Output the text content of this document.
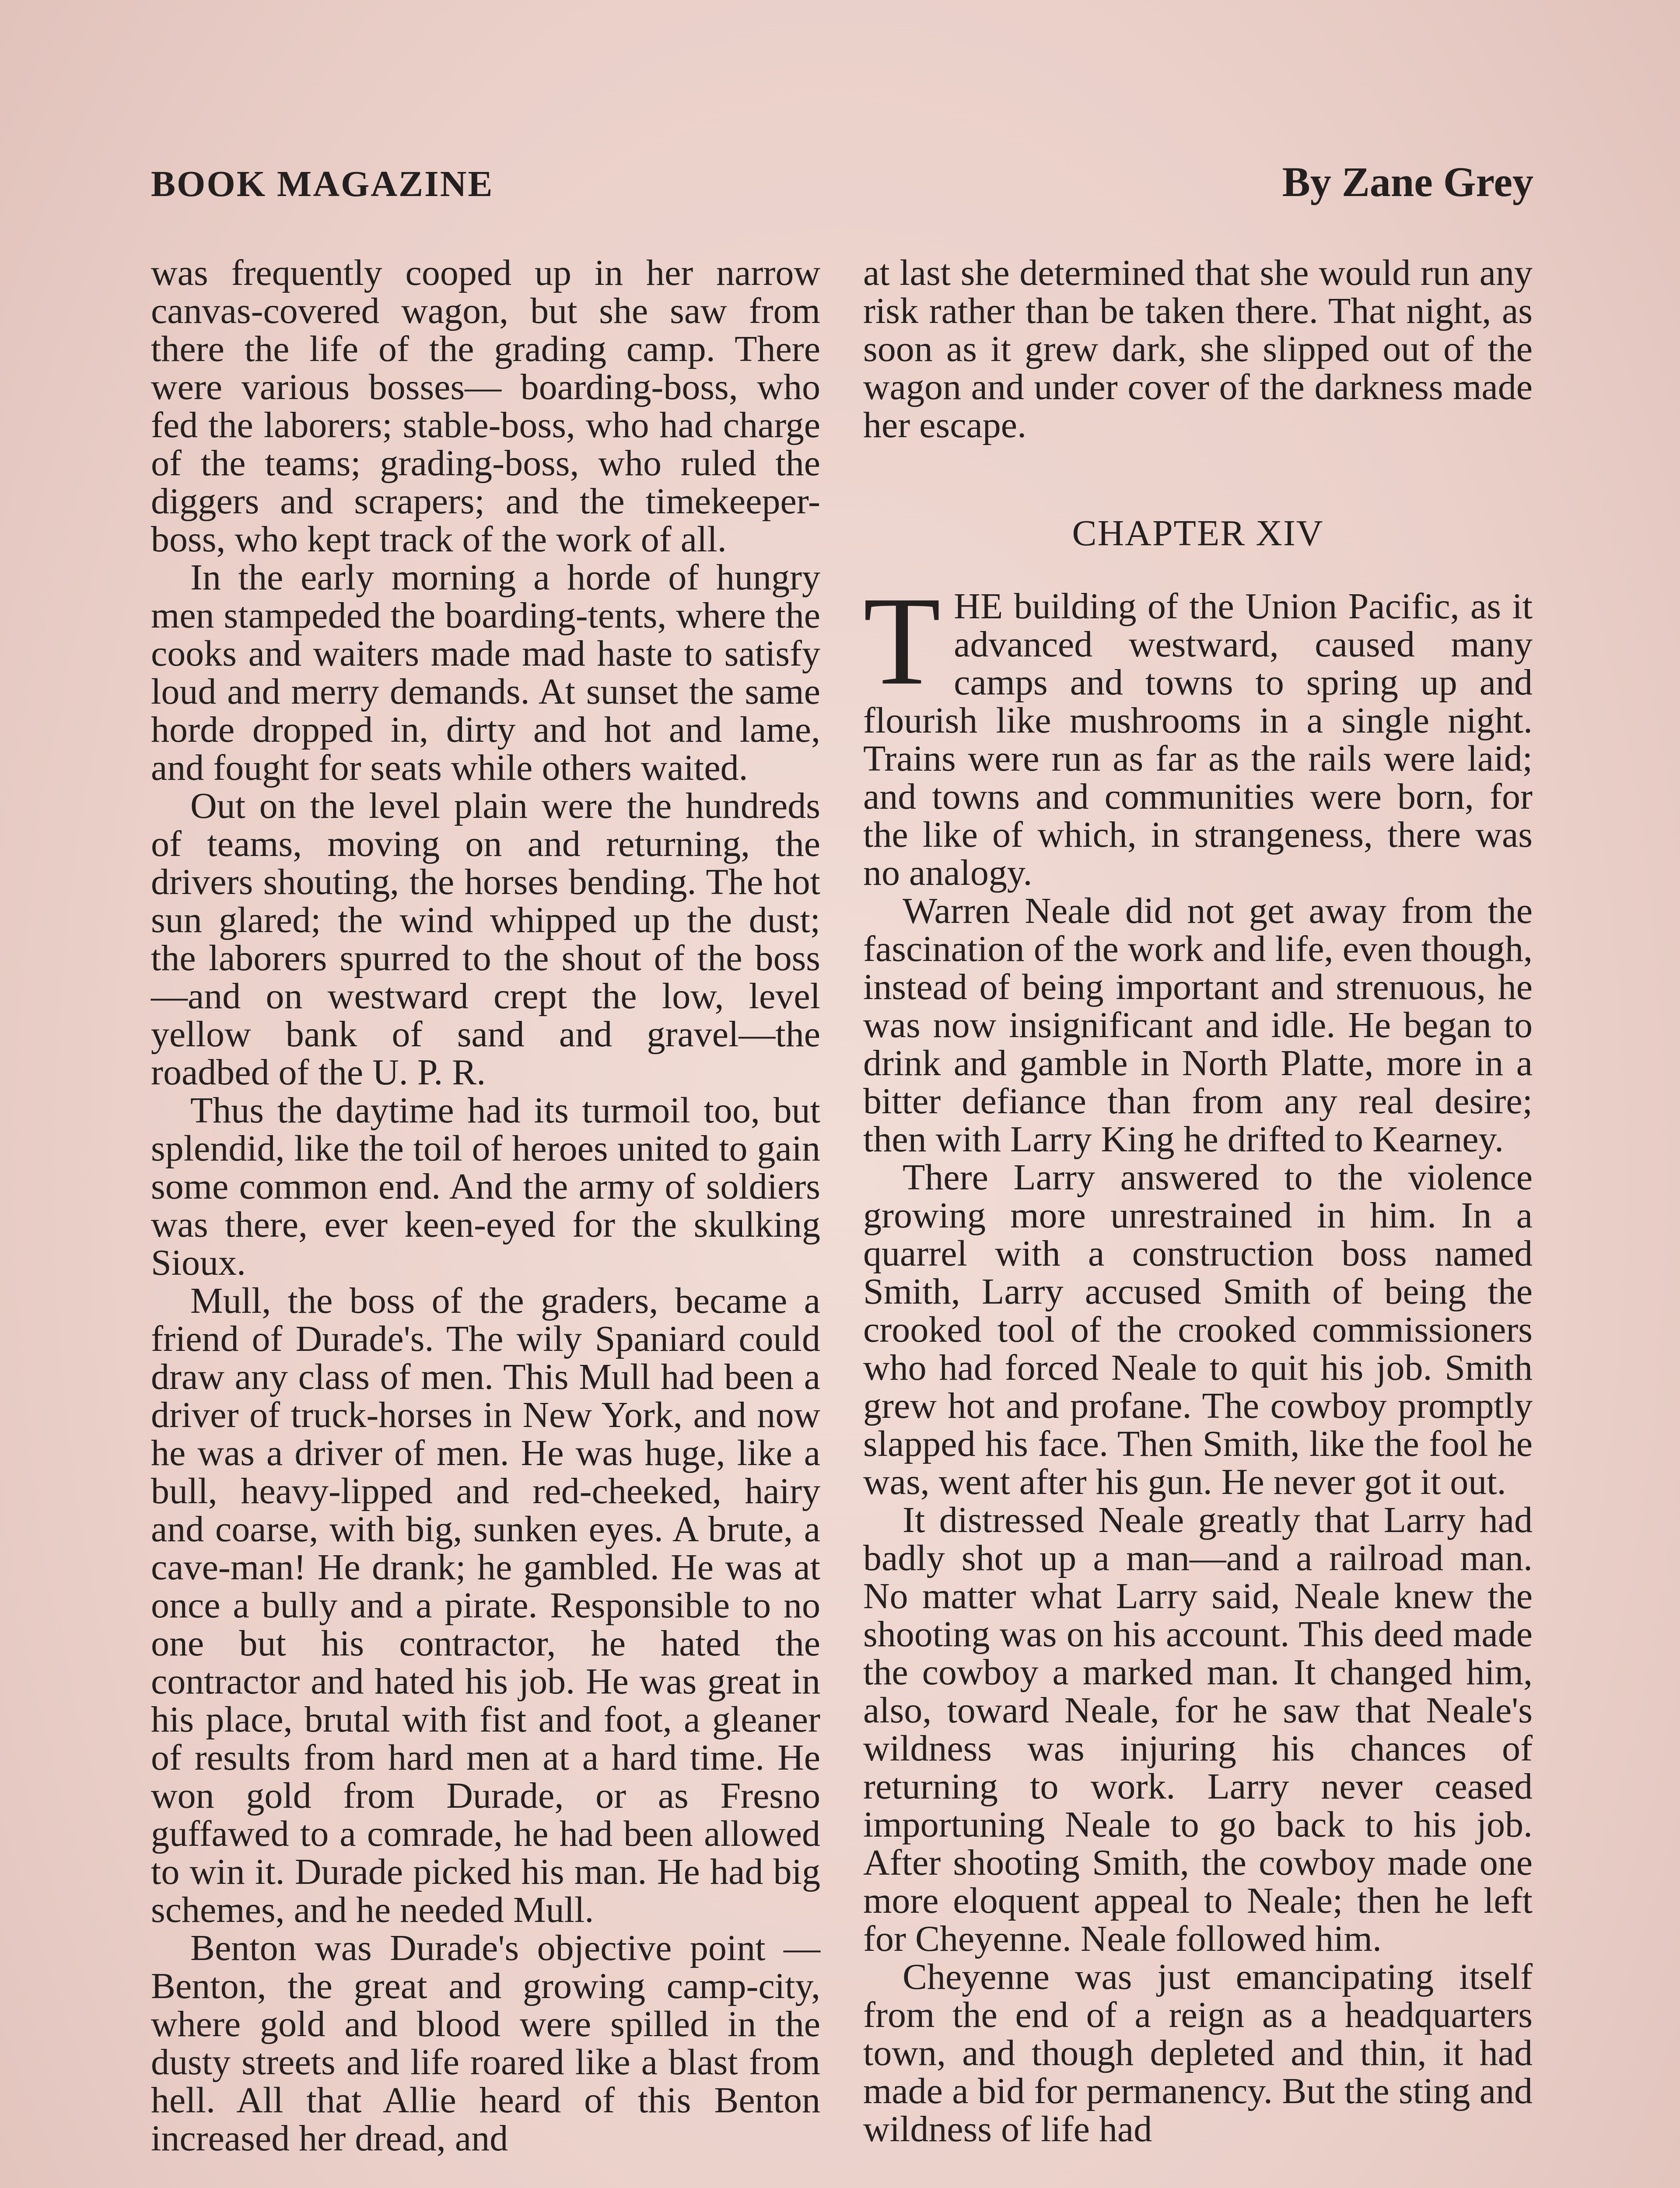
BOOK MAGAZINE	By Zane Grey

was frequently cooped up in her narrow canvas-covered wagon, but she saw from there the life of the grading camp. There were various bosses— boarding-boss, who fed the laborers; stable-boss, who had charge of the teams; grading-boss, who ruled the diggers and scrapers; and the timekeeper-boss, who kept track of the work of all.

In the early morning a horde of hungry men stampeded the boarding-tents, where the cooks and waiters made mad haste to satisfy loud and merry demands. At sunset the same horde dropped in, dirty and hot and lame, and fought for seats while others waited.

Out on the level plain were the hundreds of teams, moving on and returning, the drivers shouting, the horses bending. The hot sun glared; the wind whipped up the dust; the laborers spurred to the shout of the boss—and on westward crept the low, level yellow bank of sand and gravel—the roadbed of the U. P. R.

Thus the daytime had its turmoil too, but splendid, like the toil of heroes united to gain some common end. And the army of soldiers was there, ever keen-eyed for the skulking Sioux.

Mull, the boss of the graders, became a friend of Durade's. The wily Spaniard could draw any class of men. This Mull had been a driver of truck-horses in New York, and now he was a driver of men. He was huge, like a bull, heavy-lipped and red-cheeked, hairy and coarse, with big, sunken eyes. A brute, a cave-man! He drank; he gambled. He was at once a bully and a pirate. Responsible to no one but his contractor, he hated the contractor and hated his job. He was great in his place, brutal with fist and foot, a gleaner of results from hard men at a hard time. He won gold from Durade, or as Fresno guffawed to a comrade, he had been allowed to win it. Durade picked his man. He had big schemes, and he needed Mull.

Benton was Durade's objective point —Benton, the great and growing camp-city, where gold and blood were spilled in the dusty streets and life roared like a blast from hell. All that Allie heard of this Benton increased her dread, and

at last she determined that she would run any risk rather than be taken there. That night, as soon as it grew dark, she slipped out of the wagon and under cover of the darkness made her escape.

CHAPTER XIV

THE building of the Union Pacific, as it advanced westward, caused many camps and towns to spring up and flourish like mushrooms in a single night. Trains were run as far as the rails were laid; and towns and communities were born, for the like of which, in strangeness, there was no analogy.

Warren Neale did not get away from the fascination of the work and life, even though, instead of being important and strenuous, he was now insignificant and idle. He began to drink and gamble in North Platte, more in a bitter defiance than from any real desire; then with Larry King he drifted to Kearney.

There Larry answered to the violence growing more unrestrained in him. In a quarrel with a construction boss named Smith, Larry accused Smith of being the crooked tool of the crooked commissioners who had forced Neale to quit his job. Smith grew hot and profane. The cowboy promptly slapped his face. Then Smith, like the fool he was, went after his gun. He never got it out.

It distressed Neale greatly that Larry had badly shot up a man—and a railroad man. No matter what Larry said, Neale knew the shooting was on his account. This deed made the cowboy a marked man. It changed him, also, toward Neale, for he saw that Neale's wildness was injuring his chances of returning to work. Larry never ceased importuning Neale to go back to his job. After shooting Smith, the cowboy made one more eloquent appeal to Neale; then he left for Cheyenne. Neale followed him.

Cheyenne was just emancipating itself from the end of a reign as a headquarters town, and though depleted and thin, it had made a bid for permanency. But the sting and wildness of life had
